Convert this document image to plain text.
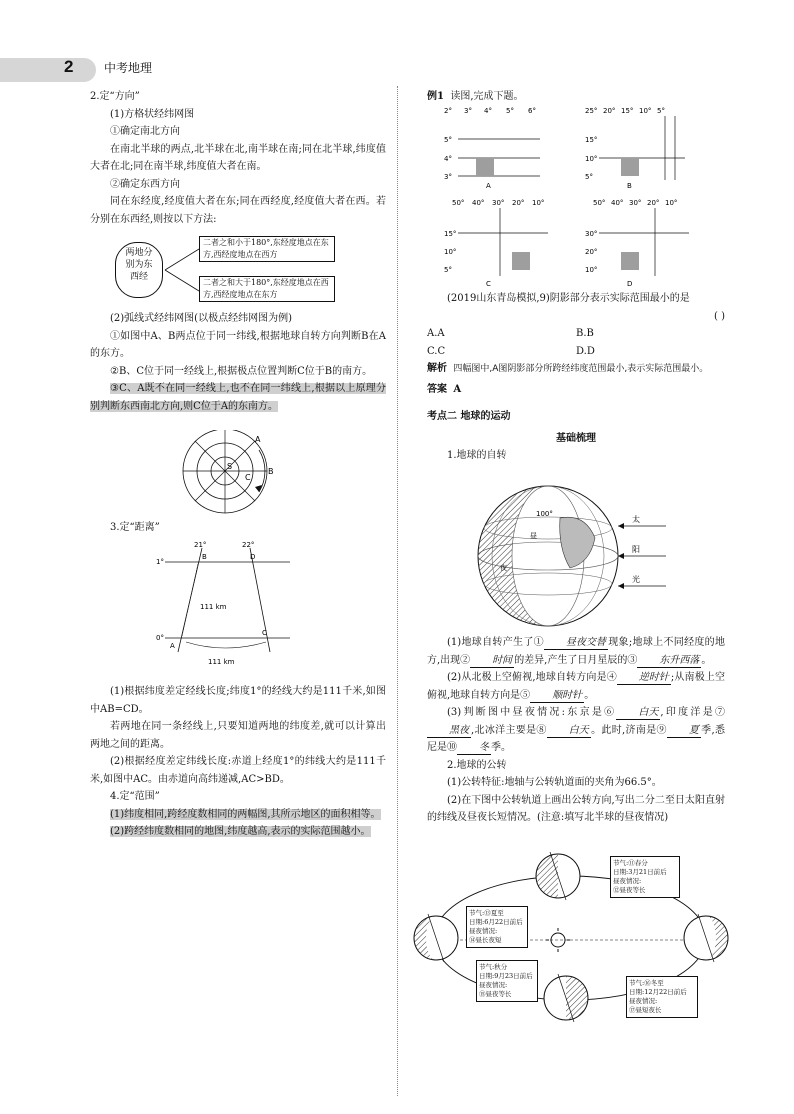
2	中考地理

2.定“方向”

(1)方格状经纬网图

①确定南北方向

在南北半球的两点,北半球在北,南半球在南;同在北半球,纬度值大者在北;同在南半球,纬度值大者在南。

②确定东西方向

同在东经度,经度值大者在东;同在西经度,经度值大者在西。若分别在东西经,则按以下方法:

两地分别为东西经
二者之和小于180°,东经度地点在东方,西经度地点在西方
二者之和大于180°,东经度地点在西方,西经度地点在东方

(2)弧线式经纬网图(以极点经纬网图为例)

①如图中A、B两点位于同一纬线,根据地球自转方向判断B在A的东方。

②B、C位于同一经线上,根据极点位置判断C位于B的南方。

③C、A既不在同一经线上,也不在同一纬线上,根据以上原理分别判断东西南北方向,则C位于A的东南方。

A
B
C
S

3.定“距离”

21°	22°
B	D
1°
0°
A
C
111 km
111 km

(1)根据纬度差定经线长度;纬度1°的经线大约是111千米,如图中AB=CD。

若两地在同一条经线上,只要知道两地的纬度差,就可以计算出两地之间的距离。

(2)根据经度差定纬线长度:赤道上经度1°的纬线大约是111千米,如图中AC。由赤道向高纬递减,AC>BD。

4.定“范围”

(1)纬度相同,跨经度数相同的两幅图,其所示地区的面积相等。

(2)跨经纬度数相同的地图,纬度越高,表示的实际范围越小。

例1 读图,完成下题。

2° 3° 4° 5° 6°
5°
4°
3°
A
25° 20° 15° 10° 5°
15°
10°
5°
B
50° 40° 30° 20° 10°
15°
10°
5°
C
50° 40° 30° 20° 10°
30°
20°
10°
D

(2019山东青岛模拟,9)阴影部分表示实际范围最小的是

( )

A.A	B.B
C.C	D.D

解析 四幅图中,A图阴影部分所跨经纬度范围最小,表示实际范围最小。

答案 A

考点二 地球的运动

基础梳理

1.地球的自转

太
阳
光
昼
夜
100°

(1)地球自转产生了① 昼夜交替 现象;地球上不同经度的地方,出现② 时间 的差异,产生了日月星辰的③ 东升西落 。

(2)从北极上空俯视,地球自转方向是④ 逆时针 ;从南极上空俯视,地球自转方向是⑤ 顺时针 。

(3)判断图中昼夜情况:东京是⑥ 白天 ,印度洋是⑦黑夜 ,北冰洋主要是⑧ 白天 。此时,济南是⑨ 夏 季,悉尼是⑩ 冬 季。

2.地球的公转

(1)公转特征:地轴与公转轨道面的夹角为66.5°。

(2)在下图中公转轨道上画出公转方向,写出二分二至日太阳直射的纬线及昼夜长短情况。(注意:填写北半球的昼夜情况)

节气:⑪春分
日期:3月21日前后
昼夜情况:
⑫昼夜等长
节气:⑬夏至
日期:6月22日前后
昼夜情况:
⑭昼长夜短
节气:秋分
日期:9月23日前后
昼夜情况:
⑮昼夜等长
节气:⑯冬至
日期:12月22日前后
昼夜情况:
⑰昼短夜长
